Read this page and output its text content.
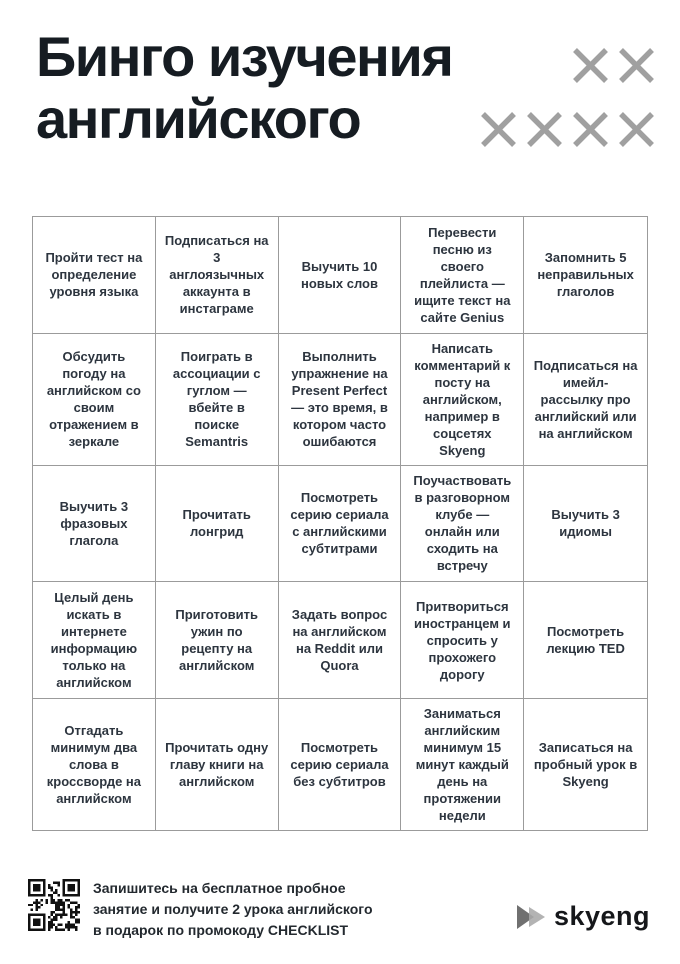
Бинго изучения
английского
Пройти тест на определение уровня языка
Подписаться на 3 англоязычных аккаунта в инстаграме
Выучить 10 новых слов
Перевести песню из своего плейлиста — ищите текст на сайте Genius
Запомнить 5 неправильных глаголов
Обсудить погоду на английском со своим отражением в зеркале
Поиграть в ассоциации с гуглом — вбейте в поиске Semantris
Выполнить упражнение на Present Perfect — это время, в котором часто ошибаются
Написать комментарий к посту на английском, например в соцсетях Skyeng
Подписаться на имейл-рассылку про английский или на английском
Выучить 3 фразовых глагола
Прочитать лонгрид
Посмотреть серию сериала с английскими субтитрами
Поучаствовать в разговорном клубе — онлайн или сходить на встречу
Выучить 3 идиомы
Целый день искать в интернете информацию только на английском
Приготовить ужин по рецепту на английском
Задать вопрос на английском на Reddit или Quora
Притвориться иностранцем и спросить у прохожего дорогу
Посмотреть лекцию TED
Отгадать минимум два слова в кроссворде на английском
Прочитать одну главу книги на английском
Посмотреть серию сериала без субтитров
Заниматься английским минимум 15 минут каждый день на протяжении недели
Записаться на пробный урок в Skyeng
Запишитесь на бесплатное пробное
занятие и получите 2 урока английского
в подарок по промокоду CHECKLIST	skyeng
